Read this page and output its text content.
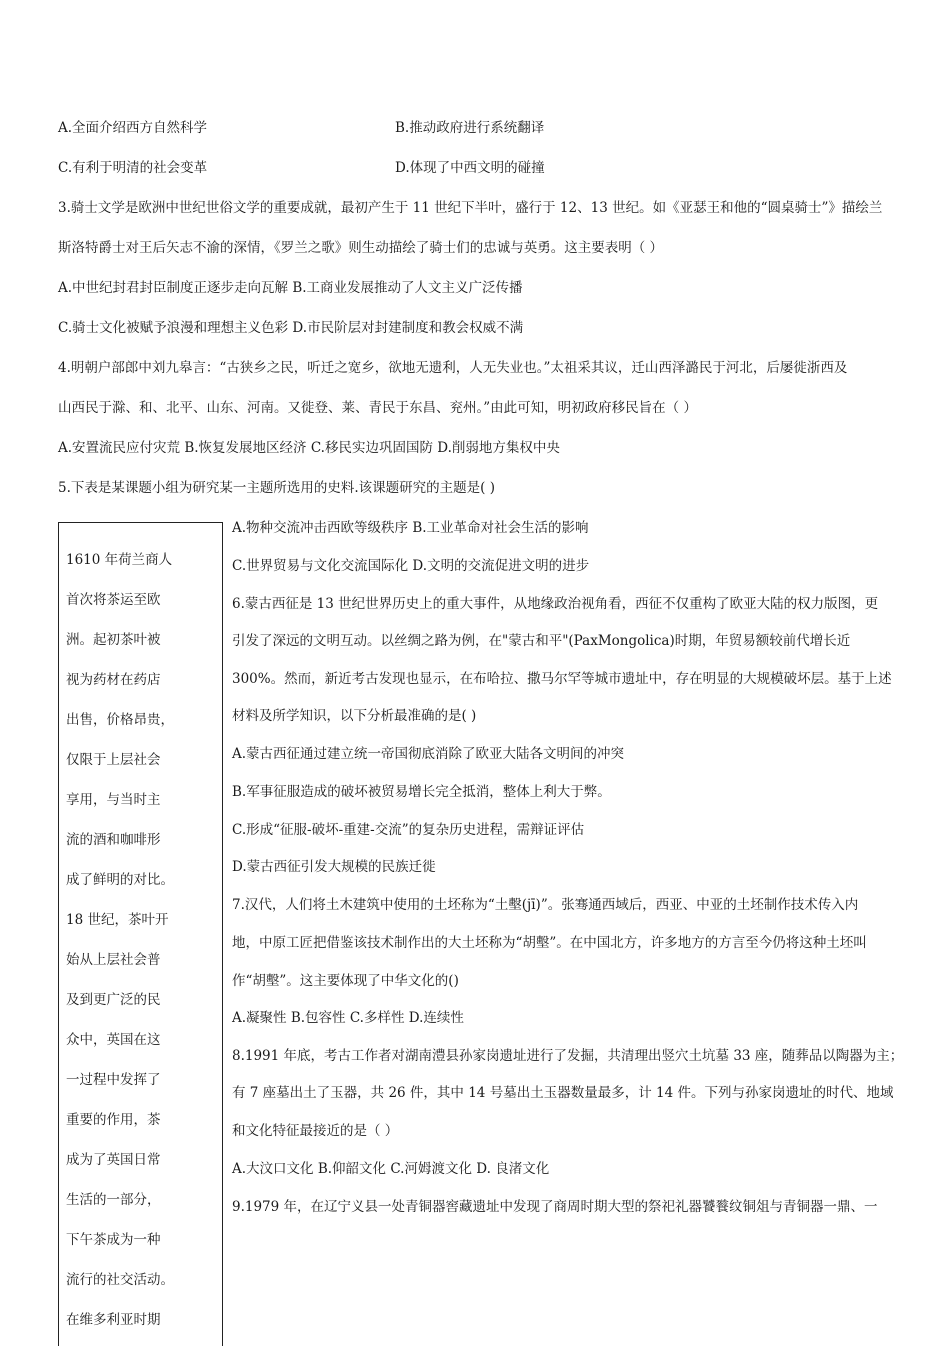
A.全面介绍西方自然科学	B.推动政府进行系统翻译
C.有利于明清的社会变革	D.体现了中西文明的碰撞
3.骑士文学是欧洲中世纪世俗文学的重要成就，最初产生于 11 世纪下半叶，盛行于 12、13 世纪。如《亚瑟王和他的“圆桌骑士”》描绘兰
斯洛特爵士对王后矢志不渝的深情，《罗兰之歌》则生动描绘了骑士们的忠诚与英勇。这主要表明（ ）
A.中世纪封君封臣制度正逐步走向瓦解 B.工商业发展推动了人文主义广泛传播
C.骑士文化被赋予浪漫和理想主义色彩 D.市民阶层对封建制度和教会权威不满
4.明朝户部郎中刘九皋言：“古狭乡之民，听迁之宽乡，欲地无遗利，人无失业也。”太祖采其议，迁山西泽潞民于河北，后屡徙浙西及
山西民于滁、和、北平、山东、河南。又徙登、莱、青民于东昌、兖州。”由此可知，明初政府移民旨在（ ）
A.安置流民应付灾荒 B.恢复发展地区经济 C.移民实边巩固国防 D.削弱地方集权中央
5.下表是某课题小组为研究某一主题所选用的史料.该课题研究的主题是( )
1610 年荷兰商人
首次将茶运至欧
洲。起初茶叶被
视为药材在药店
出售，价格昂贵，
仅限于上层社会
享用，与当时主
流的酒和咖啡形
成了鲜明的对比。
18 世纪，茶叶开
始从上层社会普
及到更广泛的民
众中，英国在这
一过程中发挥了
重要的作用，茶
成为了英国日常
生活的一部分，
下午茶成为一种
流行的社交活动。
在维多利亚时期
A.物种交流冲击西欧等级秩序 B.工业革命对社会生活的影响
C.世界贸易与文化交流国际化 D.文明的交流促进文明的进步
6.蒙古西征是 13 世纪世界历史上的重大事件，从地缘政治视角看，西征不仅重构了欧亚大陆的权力版图，更
引发了深远的文明互动。以丝绸之路为例，在"蒙古和平"(PaxMongolica)时期，年贸易额较前代增长近
300%。然而，新近考古发现也显示，在布哈拉、撒马尔罕等城市遗址中，存在明显的大规模破坏层。基于上述
材料及所学知识，以下分析最准确的是( )
A.蒙古西征通过建立统一帝国彻底消除了欧亚大陆各文明间的冲突
B.军事征服造成的破坏被贸易增长完全抵消，整体上利大于弊。
C.形成“征服-破坏-重建-交流”的复杂历史进程，需辩证评估
D.蒙古西征引发大规模的民族迁徙
7.汉代，人们将土木建筑中使用的土坯称为“土墼(jī)”。张骞通西域后，西亚、中亚的土坯制作技术传入内
地，中原工匠把借鉴该技术制作出的大土坯称为“胡墼”。在中国北方，许多地方的方言至今仍将这种土坯叫
作“胡墼”。这主要体现了中华文化的()
A.凝聚性 B.包容性 C.多样性 D.连续性
8.1991 年底，考古工作者对湖南澧县孙家岗遗址进行了发掘，共清理出竖穴土坑墓 33 座，随葬品以陶器为主；
有 7 座墓出土了玉器，共 26 件，其中 14 号墓出土玉器数量最多，计 14 件。下列与孙家岗遗址的时代、地域
和文化特征最接近的是（ ）
A.大汶口文化 B.仰韶文化 C.河姆渡文化 D. 良渚文化
9.1979 年，在辽宁义县一处青铜器窖藏遗址中发现了商周时期大型的祭祀礼器饕餮纹铜俎与青铜器一鼎、一
